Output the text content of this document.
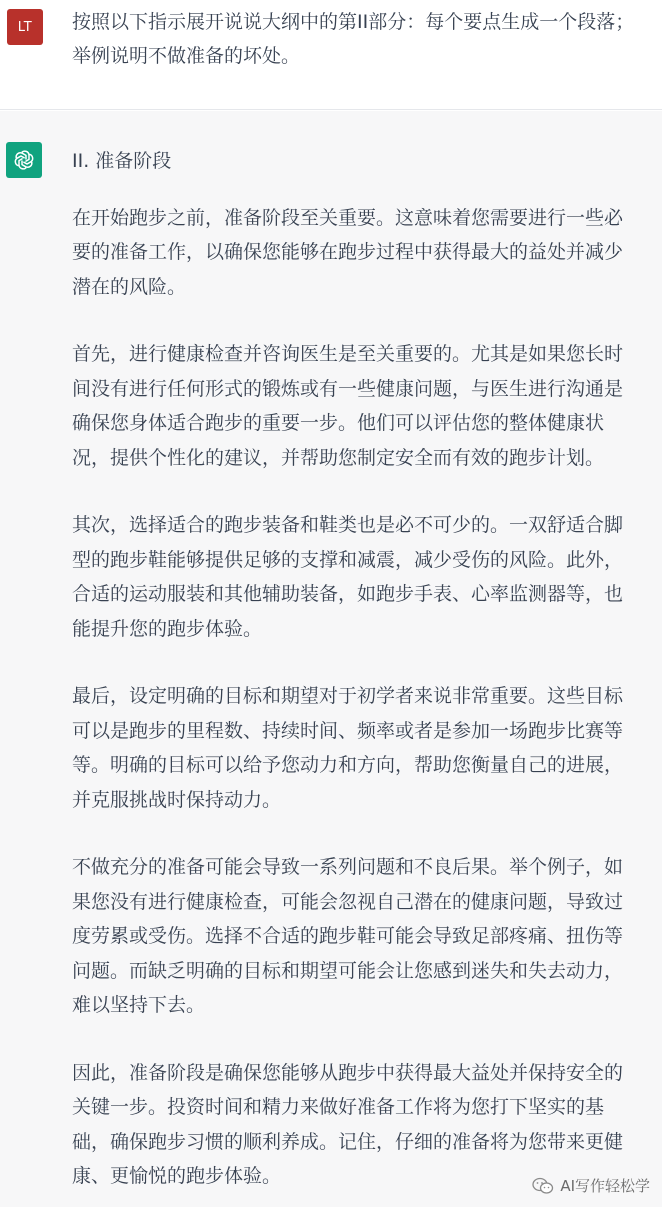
LT 按照以下指示展开说说大纲中的第II部分：每个要点生成一个段落；举例说明不做准备的坏处。

II. 准备阶段

在开始跑步之前，准备阶段至关重要。这意味着您需要进行一些必要的准备工作，以确保您能够在跑步过程中获得最大的益处并减少潜在的风险。

首先，进行健康检查并咨询医生是至关重要的。尤其是如果您长时间没有进行任何形式的锻炼或有一些健康问题，与医生进行沟通是确保您身体适合跑步的重要一步。他们可以评估您的整体健康状况，提供个性化的建议，并帮助您制定安全而有效的跑步计划。

其次，选择适合的跑步装备和鞋类也是必不可少的。一双舒适合脚型的跑步鞋能够提供足够的支撑和减震，减少受伤的风险。此外，合适的运动服装和其他辅助装备，如跑步手表、心率监测器等，也能提升您的跑步体验。

最后，设定明确的目标和期望对于初学者来说非常重要。这些目标可以是跑步的里程数、持续时间、频率或者是参加一场跑步比赛等等。明确的目标可以给予您动力和方向，帮助您衡量自己的进展，并克服挑战时保持动力。

不做充分的准备可能会导致一系列问题和不良后果。举个例子，如果您没有进行健康检查，可能会忽视自己潜在的健康问题，导致过度劳累或受伤。选择不合适的跑步鞋可能会导致足部疼痛、扭伤等问题。而缺乏明确的目标和期望可能会让您感到迷失和失去动力，难以坚持下去。

因此，准备阶段是确保您能够从跑步中获得最大益处并保持安全的关键一步。投资时间和精力来做好准备工作将为您打下坚实的基础，确保跑步习惯的顺利养成。记住，仔细的准备将为您带来更健康、更愉悦的跑步体验。	AI写作轻松学
